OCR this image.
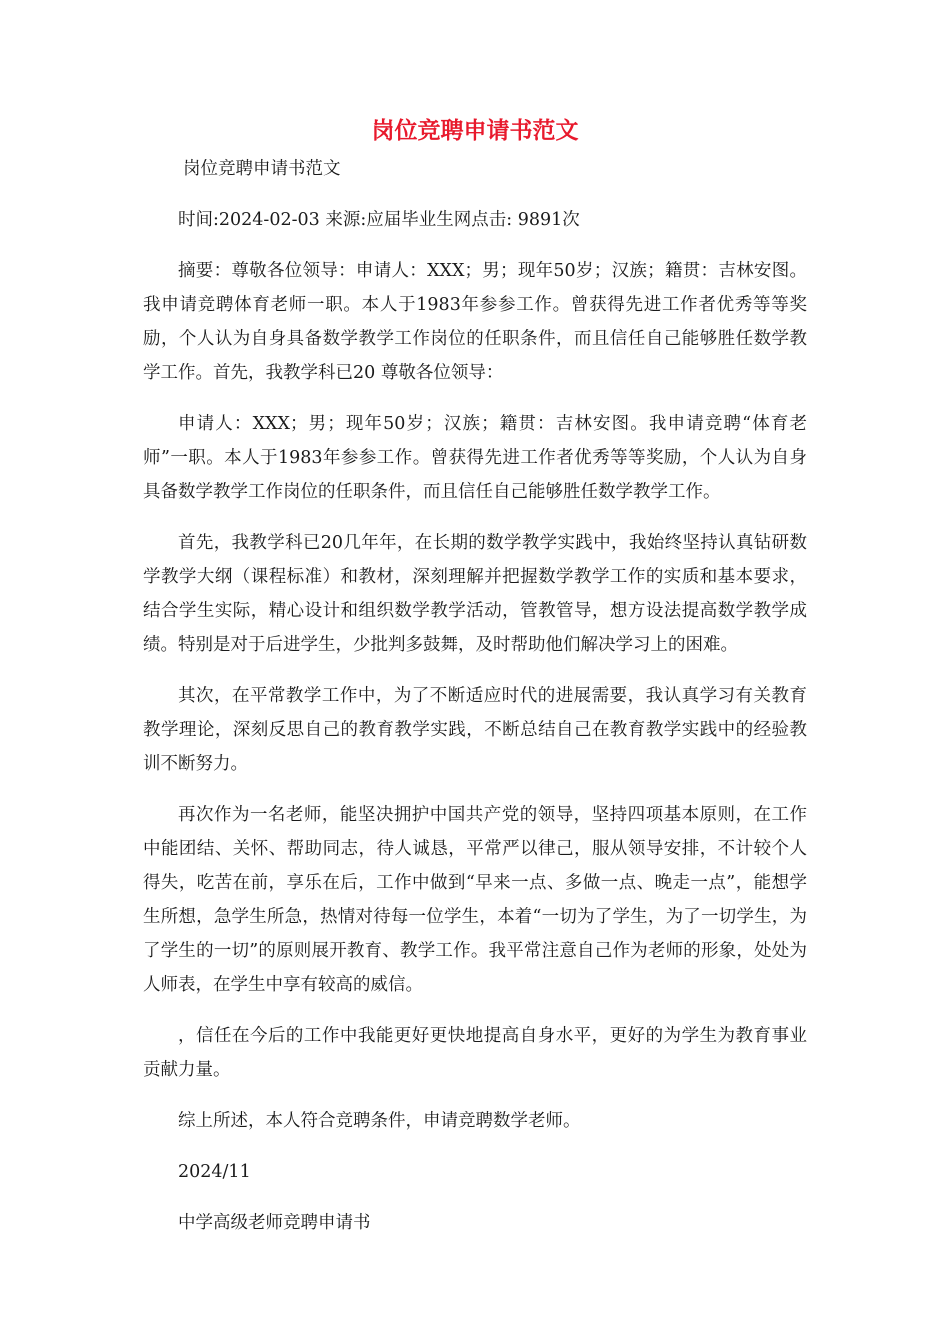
岗位竞聘申请书范文

岗位竞聘申请书范文

时间:2024-02-03 来源:应届毕业生网点击: 9891次

摘要：尊敬各位领导：申请人：XXX；男；现年50岁；汉族；籍贯：吉林安图。我申请竞聘体育老师一职。本人于1983年参参工作。曾获得先进工作者优秀等等奖励，个人认为自身具备数学教学工作岗位的任职条件，而且信任自己能够胜任数学教学工作。首先，我教学科已20 尊敬各位领导：

申请人：XXX；男；现年50岁；汉族；籍贯：吉林安图。我申请竞聘“体育老师”一职。本人于1983年参参工作。曾获得先进工作者优秀等等奖励，个人认为自身具备数学教学工作岗位的任职条件，而且信任自己能够胜任数学教学工作。

首先，我教学科已20几年年，在长期的数学教学实践中，我始终坚持认真钻研数学教学大纲（课程标准）和教材，深刻理解并把握数学教学工作的实质和基本要求，结合学生实际，精心设计和组织数学教学活动，管教管导，想方设法提高数学教学成绩。特别是对于后进学生，少批判多鼓舞，及时帮助他们解决学习上的困难。

其次，在平常教学工作中，为了不断适应时代的进展需要，我认真学习有关教育教学理论，深刻反思自己的教育教学实践，不断总结自己在教育教学实践中的经验教训不断努力。

再次作为一名老师，能坚决拥护中国共产党的领导，坚持四项基本原则，在工作中能团结、关怀、帮助同志，待人诚恳，平常严以律己，服从领导安排，不计较个人得失，吃苦在前，享乐在后，工作中做到“早来一点、多做一点、晚走一点”，能想学生所想，急学生所急，热情对待每一位学生，本着“一切为了学生，为了一切学生，为了学生的一切”的原则展开教育、教学工作。我平常注意自己作为老师的形象，处处为人师表，在学生中享有较高的威信。

，信任在今后的工作中我能更好更快地提高自身水平，更好的为学生为教育事业贡献力量。

综上所述，本人符合竞聘条件，申请竞聘数学老师。

2024/11

中学高级老师竞聘申请书
